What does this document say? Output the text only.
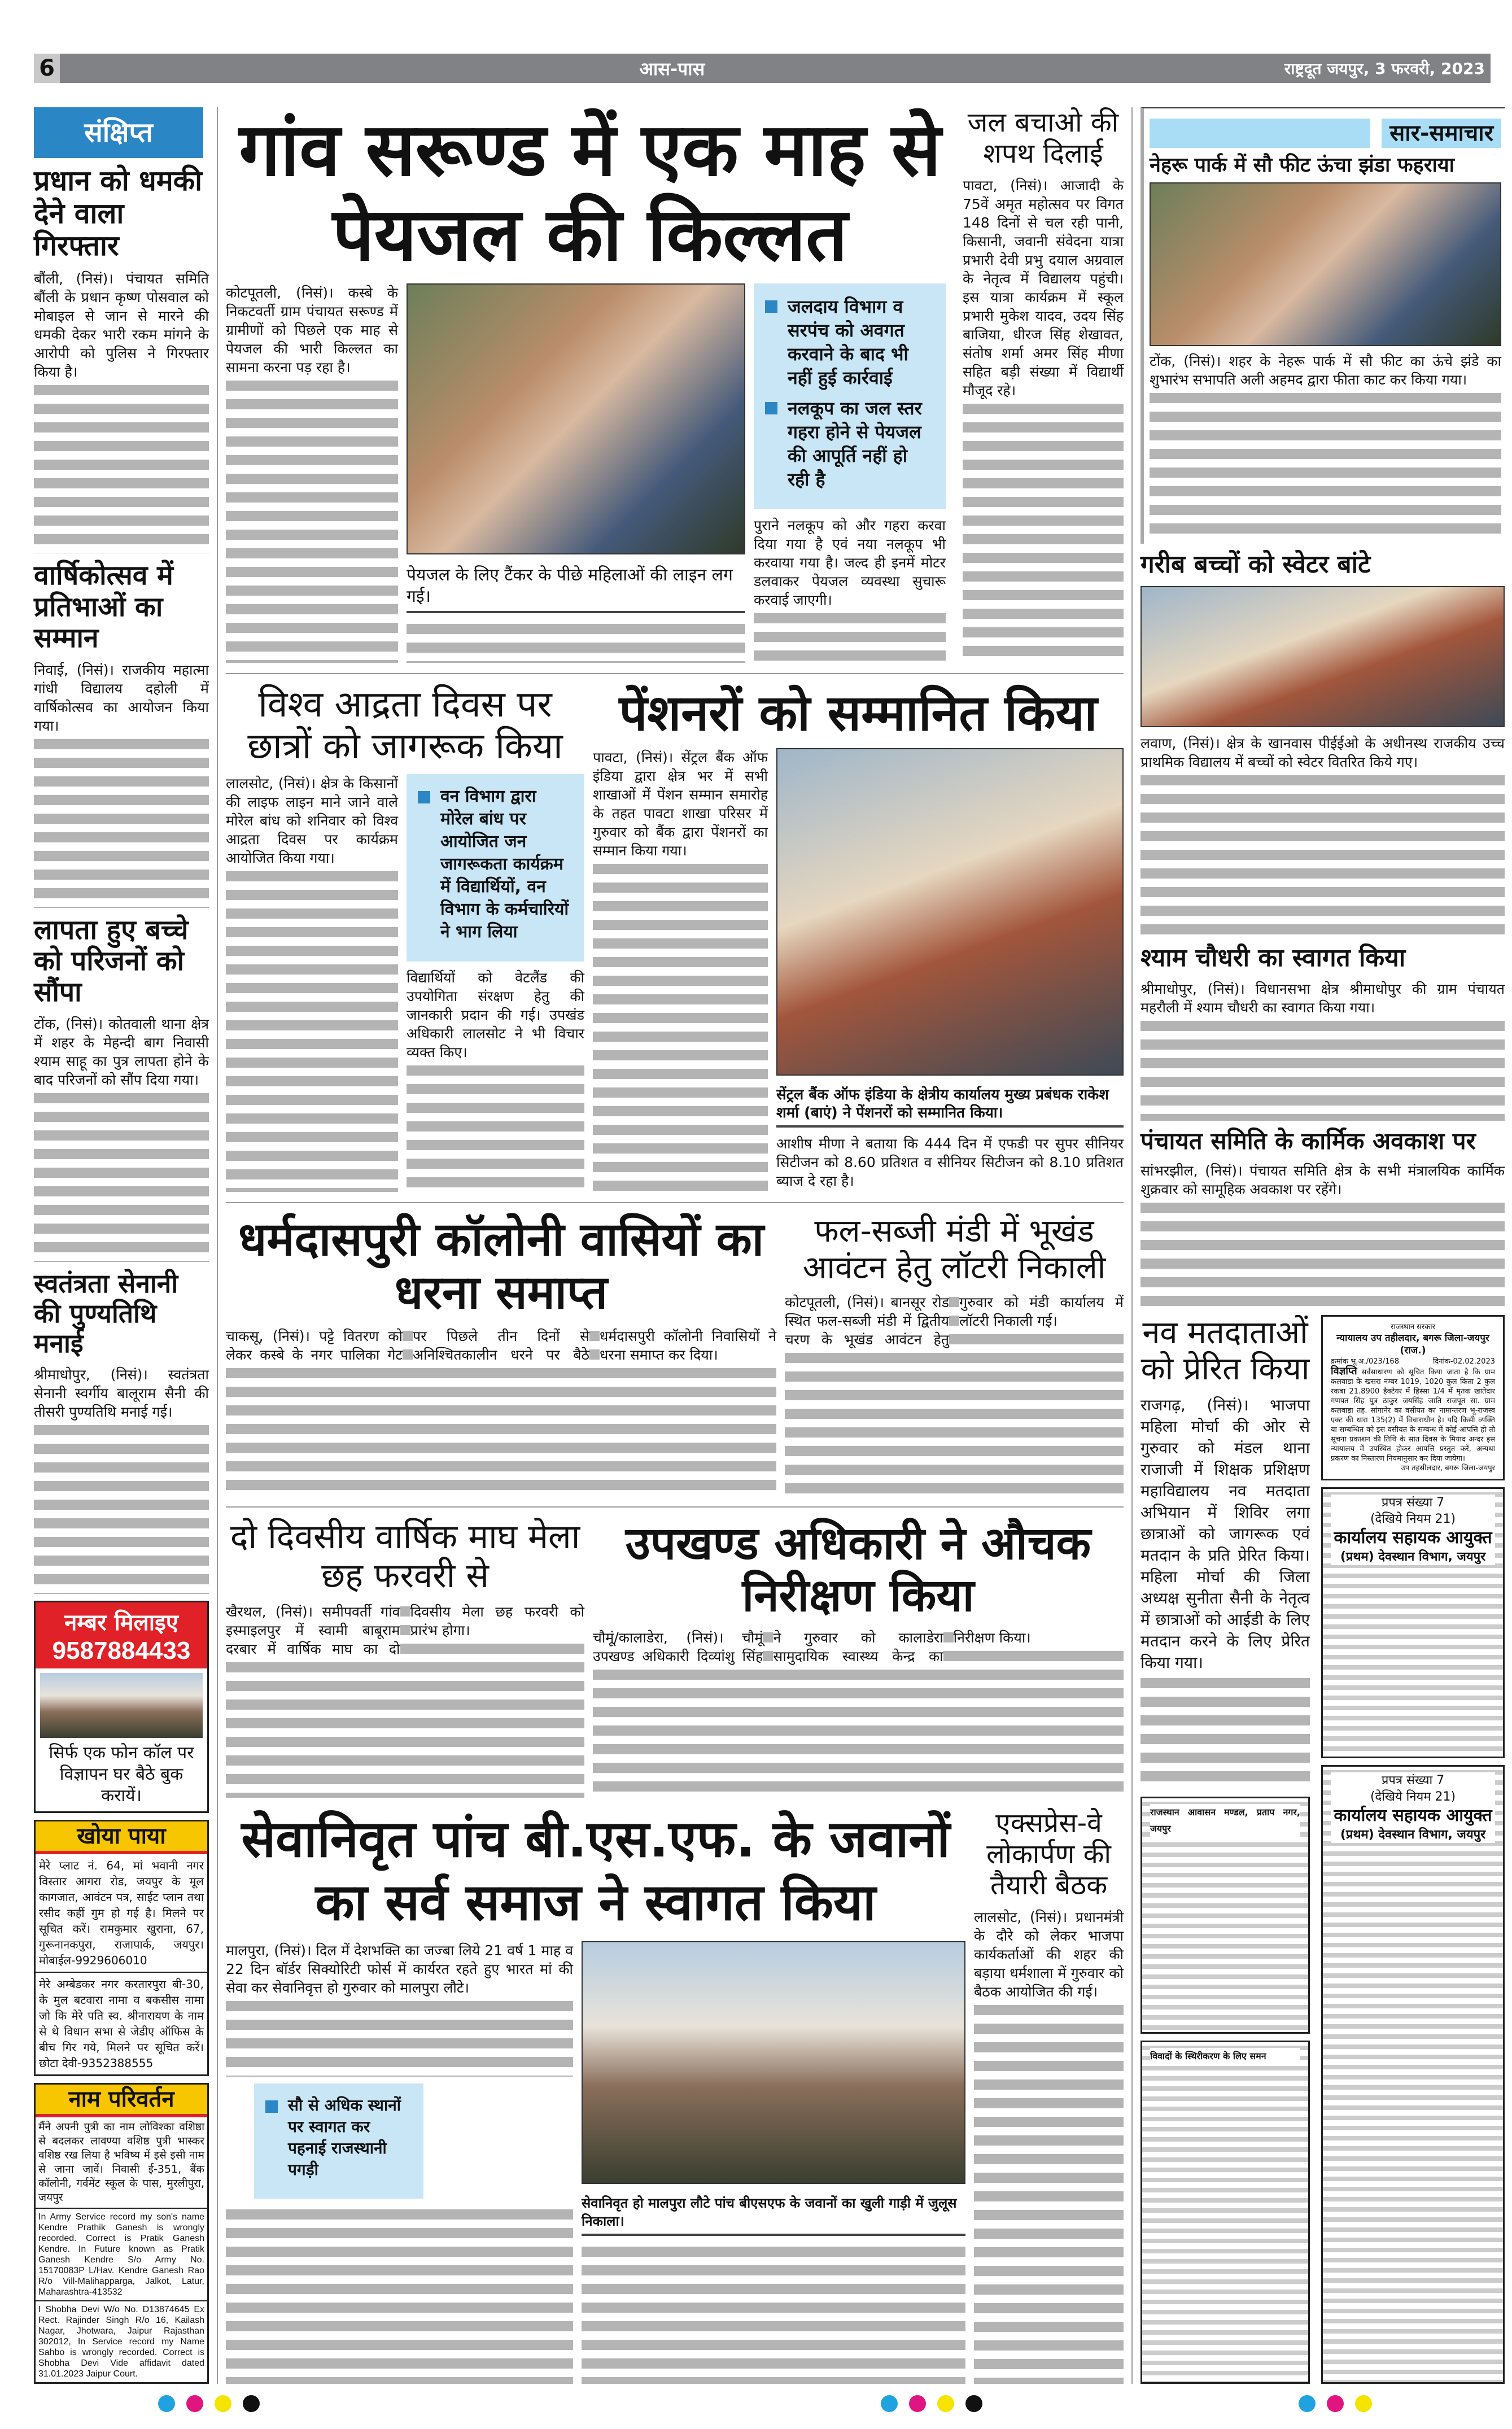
6	आस-पास	राष्ट्रदूत जयपुर, 3 फरवरी, 2023
संक्षिप्त
प्रधान को धमकी देने वाला गिरफ्तार

बौंली, (निसं)। पंचायत समिति बौंली के प्रधान कृष्ण पोसवाल को मोबाइल से जान से मारने की धमकी देकर भारी रकम मांगने के आरोपी को पुलिस ने गिरफ्तार किया है।

वार्षिकोत्सव में प्रतिभाओं का सम्मान

निवाई, (निसं)। राजकीय महात्मा गांधी विद्यालय दहोली में वार्षिकोत्सव का आयोजन किया गया।

लापता हुए बच्चे को परिजनों को सौंपा

टोंक, (निसं)। कोतवाली थाना क्षेत्र में शहर के मेहन्दी बाग निवासी श्याम साहू का पुत्र लापता होने के बाद परिजनों को सौंप दिया गया।

स्वतंत्रता सेनानी की पुण्यतिथि मनाई

श्रीमाधोपुर, (निसं)। स्वतंत्रता सेनानी स्वर्गीय बालूराम सैनी की तीसरी पुण्यतिथि मनाई गई।

नम्बर मिलाइए
9587884433
सिर्फ एक फोन कॉल पर विज्ञापन घर बैठे बुक करायें।
खोया पाया
मेरे प्लाट नं. 64, मां भवानी नगर विस्तार आगरा रोड, जयपुर के मूल कागजात, आवंटन पत्र, साईट प्लान तथा रसीद कहीं गुम हो गई है। मिलने पर सूचित करें। रामकुमार खुराना, 67, गुरूनानकपुरा, राजापार्क, जयपुर। मोबाईल-9929606010
मेरे अम्बेडकर नगर करतारपुरा बी-30, के मुल बटवारा नामा व बकसीस नामा जो कि मेरे पति स्व. श्रीनारायण के नाम से थे विधान सभा से जेडीए ऑफिस के बीच गिर गये, मिलने पर सूचित करें। छोटा देवी-9352388555
नाम परिवर्तन
मैंने अपनी पुत्री का नाम लोविश्का वशिष्ठा से बदलकर लावण्या वशिष्ठ पुत्री भास्कर वशिष्ठ रख लिया है भविष्य में इसे इसी नाम से जाना जावें। निवासी ई-351, बैंक कॉलोनी, गर्वमेंट स्कूल के पास, मुरलीपुरा, जयपुर
In Army Service record my son's name Kendre Prathik Ganesh is wrongly recorded. Correct is Pratik Ganesh Kendre. In Future known as Pratik Ganesh Kendre S/o Army No. 15170083P L/Hav. Kendre Ganesh Rao R/o Vill-Malihapparga, Jalkot, Latur, Maharashtra-413532
I Shobha Devi W/o No. D13874645 Ex Rect. Rajinder Singh R/o 16, Kailash Nagar, Jhotwara, Jaipur Rajasthan 302012, In Service record my Name Sahbo is wrongly recorded. Correct is Shobha Devi Vide affidavit dated 31.01.2023 Jaipur Court.
गांव सरूण्ड में एक माह से
पेयजल की किल्लत

कोटपूतली, (निसं)। कस्बे के निकटवर्ती ग्राम पंचायत सरूण्ड में ग्रामीणों को पिछले एक माह से पेयजल की भारी किल्लत का सामना करना पड़ रहा है।

पेयजल के लिए टैंकर के पीछे महिलाओं की लाइन लग गई।
जलदाय विभाग व सरपंच को अवगत करवाने के बाद भी नहीं हुई कार्रवाई
नलकूप का जल स्तर गहरा होने से पेयजल की आपूर्ति नहीं हो रही है

पुराने नलकूप को और गहरा करवा दिया गया है एवं नया नलकूप भी करवाया गया है। जल्द ही इनमें मोटर डलवाकर पेयजल व्यवस्था सुचारू करवाई जाएगी।

जल बचाओ की शपथ दिलाई

पावटा, (निसं)। आजादी के 75वें अमृत महोत्सव पर विगत 148 दिनों से चल रही पानी, किसानी, जवानी संवेदना यात्रा प्रभारी देवी प्रभु दयाल अग्रवाल के नेतृत्व में विद्यालय पहुंची। इस यात्रा कार्यक्रम में स्कूल प्रभारी मुकेश यादव, उदय सिंह बाजिया, धीरज सिंह शेखावत, संतोष शर्मा अमर सिंह मीणा सहित बड़ी संख्या में विद्यार्थी मौजूद रहे।

विश्व आद्रता दिवस पर छात्रों को जागरूक किया

लालसोट, (निसं)। क्षेत्र के किसानों की लाइफ लाइन माने जाने वाले मोरेल बांध को शनिवार को विश्व आद्रता दिवस पर कार्यक्रम आयोजित किया गया।

वन विभाग द्वारा मोरेल बांध पर आयोजित जन जागरूकता कार्यक्रम में विद्यार्थियों, वन विभाग के कर्मचारियों ने भाग लिया

विद्यार्थियों को वेटलैंड की उपयोगिता संरक्षण हेतु की जानकारी प्रदान की गई। उपखंड अधिकारी लालसोट ने भी विचार व्यक्त किए।

पेंशनरों को सम्मानित किया

पावटा, (निसं)। सेंट्रल बैंक ऑफ इंडिया द्वारा क्षेत्र भर में सभी शाखाओं में पेंशन सम्मान समारोह के तहत पावटा शाखा परिसर में गुरुवार को बैंक द्वारा पेंशनरों का सम्मान किया गया।

सेंट्रल बैंक ऑफ इंडिया के क्षेत्रीय कार्यालय मुख्य प्रबंधक राकेश शर्मा (बाएं) ने पेंशनरों को सम्मानित किया।

आशीष मीणा ने बताया कि 444 दिन में एफडी पर सुपर सीनियर सिटीजन को 8.60 प्रतिशत व सीनियर सिटीजन को 8.10 प्रतिशत ब्याज दे रहा है।

धर्मदासपुरी कॉलोनी वासियों का धरना समाप्त

चाकसू, (निसं)। पट्टे वितरण को लेकर कस्बे के नगर पालिका गेट पर पिछले तीन दिनों से अनिश्चितकालीन धरने पर बैठे धर्मदासपुरी कॉलोनी निवासियों ने धरना समाप्त कर दिया।

फल-सब्जी मंडी में भूखंड आवंटन हेतु लॉटरी निकाली

कोटपूतली, (निसं)। बानसूर रोड स्थित फल-सब्जी मंडी में द्वितीय चरण के भूखंड आवंटन हेतु गुरुवार को मंडी कार्यालय में लॉटरी निकाली गई।

दो दिवसीय वार्षिक माघ मेला छह फरवरी से

खैरथल, (निसं)। समीपवर्ती गांव इस्माइलपुर में स्वामी बाबूराम दरबार में वार्षिक माघ का दो दिवसीय मेला छह फरवरी को प्रारंभ होगा।

उपखण्ड अधिकारी ने औचक निरीक्षण किया

चौमूं/कालाडेरा, (निसं)। चौमूं उपखण्ड अधिकारी दिव्यांशु सिंह ने गुरुवार को कालाडेरा सामुदायिक स्वास्थ्य केन्द्र का निरीक्षण किया।

सेवानिवृत पांच बी.एस.एफ. के जवानों का सर्व समाज ने स्वागत किया

मालपुरा, (निसं)। दिल में देशभक्ति का जज्बा लिये 21 वर्ष 1 माह व 22 दिन बॉर्डर सिक्योरिटी फोर्स में कार्यरत रहते हुए भारत मां की सेवा कर सेवानिवृत्त हो गुरुवार को मालपुरा लौटे।

सौ से अधिक स्थानों पर स्वागत कर पहनाई राजस्थानी पगड़ी
सेवानिवृत हो मालपुरा लौटे पांच बीएसएफ के जवानों का खुली गाड़ी में जुलूस निकाला।
एक्सप्रेस-वे लोकार्पण की तैयारी बैठक

लालसोट, (निसं)। प्रधानमंत्री के दौरे को लेकर भाजपा कार्यकर्ताओं की शहर की बड़ाया धर्मशाला में गुरुवार को बैठक आयोजित की गई।

सार-समाचार
नेहरू पार्क में सौ फीट ऊंचा झंडा फहराया

टोंक, (निसं)। शहर के नेहरू पार्क में सौ फीट का ऊंचे झंडे का शुभारंभ सभापति अली अहमद द्वारा फीता काट कर किया गया।

गरीब बच्चों को स्वेटर बांटे

लवाण, (निसं)। क्षेत्र के खानवास पीईईओ के अधीनस्थ राजकीय उच्च प्राथमिक विद्यालय में बच्चों को स्वेटर वितरित किये गए।

श्याम चौधरी का स्वागत किया

श्रीमाधोपुर, (निसं)। विधानसभा क्षेत्र श्रीमाधोपुर की ग्राम पंचायत महरौली में श्याम चौधरी का स्वागत किया गया।

पंचायत समिति के कार्मिक अवकाश पर

सांभरझील, (निसं)। पंचायत समिति क्षेत्र के सभी मंत्रालयिक कार्मिक शुक्रवार को सामूहिक अवकाश पर रहेंगे।

नव मतदाताओं को प्रेरित किया

राजगढ़, (निसं)। भाजपा महिला मोर्चा की ओर से गुरुवार को मंडल थाना राजाजी में शिक्षक प्रशिक्षण महाविद्यालय नव मतदाता अभियान में शिविर लगा छात्राओं को जागरूक एवं मतदान के प्रति प्रेरित किया।महिला मोर्चा की जिला अध्यक्ष सुनीता सैनी के नेतृत्व में छात्राओं को आईडी के लिए मतदान करने के लिए प्रेरित किया गया।

राजस्थान आवासन मण्डल, प्रताप नगर, जयपुर
विवादों के स्थिरीकरण के लिए समन
राजस्थान सरकार
न्यायालय उप तहीलदार, बगरू जिला-जयपुर (राज.)
क्रमांक भू.अ./023/168	दिनांक-02.02.2023
विज्ञप्ति सर्वसाधारण को सूचित किया जाता है कि ग्राम कलवाडा के खसरा नम्बर 1019, 1020 कुल किता 2 कुल रकबा 21.8900 हैक्टेयर में हिस्सा 1/4 में मृतक खातेदार गणपत सिंह पुत्र ठाकुर जयसिंह जाति राजपूत सा. ग्राम कलवाडा तह. सांगानेर का वसीयत का नामान्तरण भू-राजस्व एक्ट की धारा 135(2) में विचाराधीन है। यदि किसी व्यक्ति या सम्बन्धित को इस वसीयत के सम्बन्ध में कोई आपत्ति हो तो सूचना प्रकाशन की तिथि के सात दिवस के मियाद अन्दर इस न्यायालय में उपस्थित होकर आपत्ति प्रस्तुत करें, अन्यथा प्रकरण का निस्तारण नियमानुसार कर दिया जायेगा।
उप तहसीलदार, बगरू जिला-जयपुर
प्रपत्र संख्या 7
(देखिये नियम 21)
कार्यालय सहायक आयुक्त
(प्रथम) देवस्थान विभाग, जयपुर
प्रपत्र संख्या 7
(देखिये नियम 21)
कार्यालय सहायक आयुक्त
(प्रथम) देवस्थान विभाग, जयपुर
